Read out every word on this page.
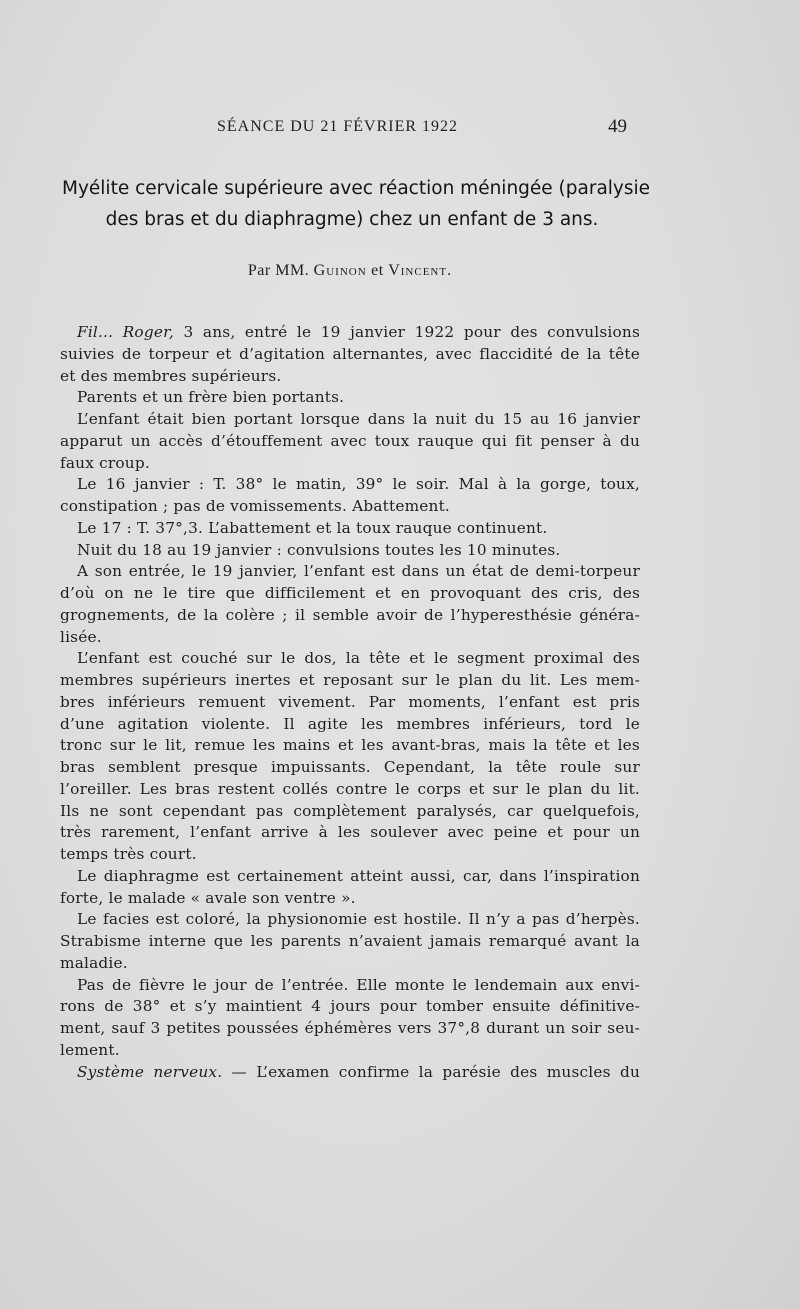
SÉANCE DU 21 FÉVRIER 1922	49
Myélite cervicale supérieure avec réaction méningée (paralysie
des bras et du diaphragme) chez un enfant de 3 ans.
Par MM. Guinon et Vincent.
Fil... Roger, 3 ans, entré le 19 janvier 1922 pour des convulsions
suivies de torpeur et d’agitation alternantes, avec flaccidité de la tête
et des membres supérieurs.
Parents et un frère bien portants.
L’enfant était bien portant lorsque dans la nuit du 15 au 16 janvier
apparut un accès d’étouffement avec toux rauque qui fit penser à du
faux croup.
Le 16 janvier : T. 38° le matin, 39° le soir. Mal à la gorge, toux,
constipation ; pas de vomissements. Abattement.
Le 17 : T. 37°,3. L’abattement et la toux rauque continuent.
Nuit du 18 au 19 janvier : convulsions toutes les 10 minutes.
A son entrée, le 19 janvier, l’enfant est dans un état de demi-torpeur
d’où on ne le tire que difficilement et en provoquant des cris, des
grognements, de la colère ; il semble avoir de l’hyperesthésie généra-
lisée.
L’enfant est couché sur le dos, la tête et le segment proximal des
membres supérieurs inertes et reposant sur le plan du lit. Les mem-
bres inférieurs remuent vivement. Par moments, l’enfant est pris
d’une agitation violente. Il agite les membres inférieurs, tord le
tronc sur le lit, remue les mains et les avant-bras, mais la tête et les
bras semblent presque impuissants. Cependant, la tête roule sur
l’oreiller. Les bras restent collés contre le corps et sur le plan du lit.
Ils ne sont cependant pas complètement paralysés, car quelquefois,
très rarement, l’enfant arrive à les soulever avec peine et pour un
temps très court.
Le diaphragme est certainement atteint aussi, car, dans l’inspiration
forte, le malade « avale son ventre ».
Le facies est coloré, la physionomie est hostile. Il n’y a pas d’herpès.
Strabisme interne que les parents n’avaient jamais remarqué avant la
maladie.
Pas de fièvre le jour de l’entrée. Elle monte le lendemain aux envi-
rons de 38° et s’y maintient 4 jours pour tomber ensuite définitive-
ment, sauf 3 petites poussées éphémères vers 37°,8 durant un soir seu-
lement.
Système nerveux. — L’examen confirme la parésie des muscles du
